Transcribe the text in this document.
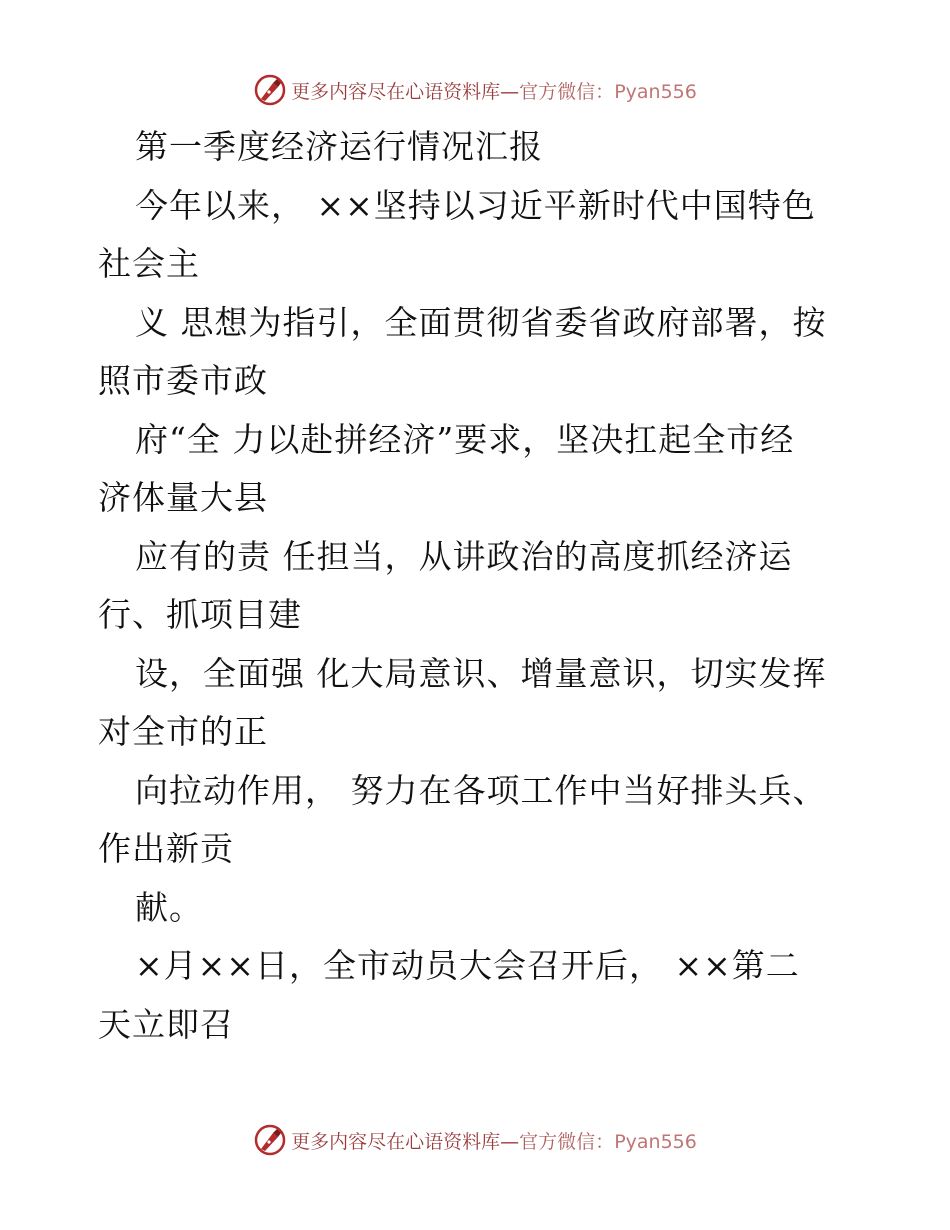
更多内容尽在心语资料库—官方微信：Pyan556
第一季度经济运行情况汇报
今年以来， ××坚持以习近平新时代中国特色
社会主
义 思想为指引，全面贯彻省委省政府部署，按
照市委市政
府“全 力以赴拼经济”要求，坚决扛起全市经
济体量大县
应有的责 任担当，从讲政治的高度抓经济运
行、抓项目建
设，全面强 化大局意识、增量意识，切实发挥
对全市的正
向拉动作用， 努力在各项工作中当好排头兵、
作出新贡
献。
×月××日，全市动员大会召开后， ××第二
天立即召
更多内容尽在心语资料库—官方微信：Pyan556
